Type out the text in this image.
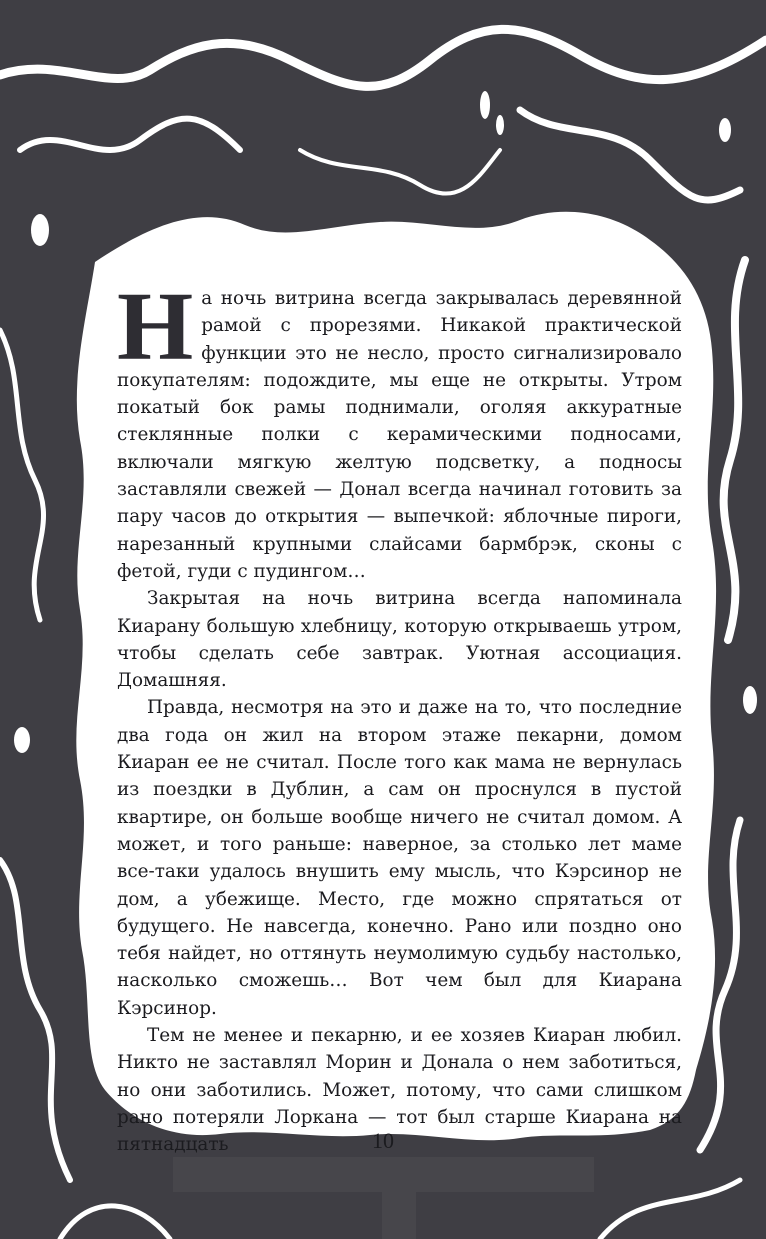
На ночь витрина всегда закрывалась деревянной рамой с прорезями. Никакой практической функции это не несло, просто сигнализировало покупателям: подождите, мы еще не открыты. Утром покатый бок рамы поднимали, оголяя аккуратные стеклянные полки с керамическими подносами, включали мягкую желтую подсветку, а подносы заставляли свежей — Донал всегда начинал готовить за пару часов до открытия — выпечкой: яблочные пироги, нарезанный крупными слайсами бармбрэк, сконы с фетой, гуди с пудингом…

Закрытая на ночь витрина всегда напоминала Киарану большую хлебницу, которую открываешь утром, чтобы сделать себе завтрак. Уютная ассоциация. Домашняя.

Правда, несмотря на это и даже на то, что последние два года он жил на втором этаже пекарни, домом Киаран ее не считал. После того как мама не вернулась из поездки в Дублин, а сам он проснулся в пустой квартире, он больше вообще ничего не считал домом. А может, и того раньше: наверное, за столько лет маме все-таки удалось внушить ему мысль, что Кэрсинор не дом, а убежище. Место, где можно спрятаться от будущего. Не навсегда, конечно. Рано или поздно оно тебя найдет, но оттянуть неумолимую судьбу настолько, насколько сможешь… Вот чем был для Киарана Кэрсинор.

Тем не менее и пекарню, и ее хозяев Киаран любил. Никто не заставлял Морин и Донала о нем заботиться, но они заботились. Может, потому, что сами слишком рано потеряли Лоркана — тот был старше Киарана на пятнадцать	10
